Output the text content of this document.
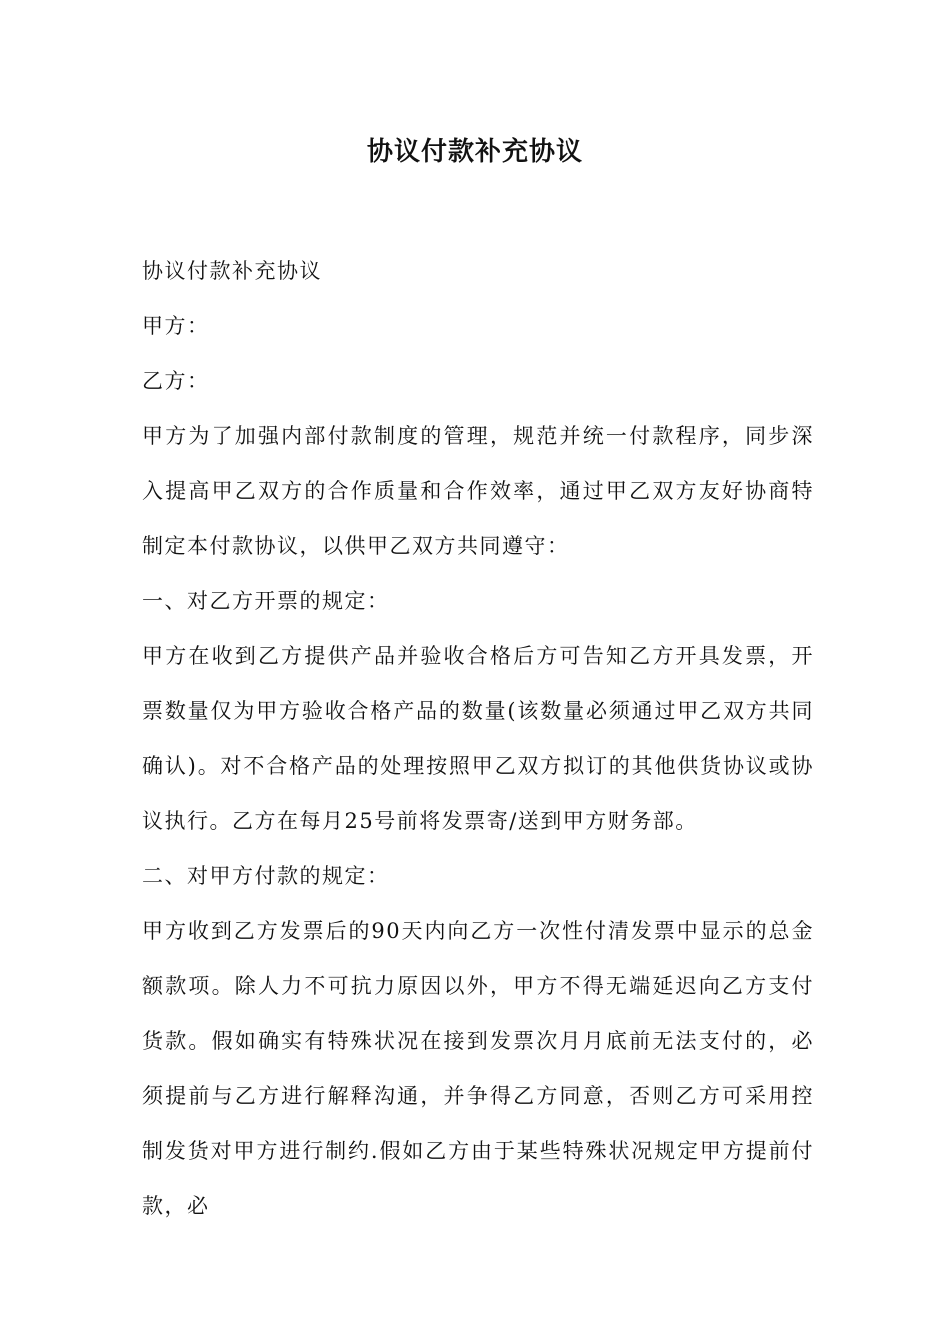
协议付款补充协议

协议付款补充协议

甲方：

乙方：

甲方为了加强内部付款制度的管理，规范并统一付款程序，同步深入提高甲乙双方的合作质量和合作效率，通过甲乙双方友好协商特制定本付款协议，以供甲乙双方共同遵守：

一、对乙方开票的规定：

甲方在收到乙方提供产品并验收合格后方可告知乙方开具发票，开票数量仅为甲方验收合格产品的数量(该数量必须通过甲乙双方共同确认)。对不合格产品的处理按照甲乙双方拟订的其他供货协议或协议执行。乙方在每月25号前将发票寄/送到甲方财务部。

二、对甲方付款的规定：

甲方收到乙方发票后的90天内向乙方一次性付清发票中显示的总金额款项。除人力不可抗力原因以外，甲方不得无端延迟向乙方支付货款。假如确实有特殊状况在接到发票次月月底前无法支付的，必须提前与乙方进行解释沟通，并争得乙方同意，否则乙方可采用控制发货对甲方进行制约.假如乙方由于某些特殊状况规定甲方提前付款，必
